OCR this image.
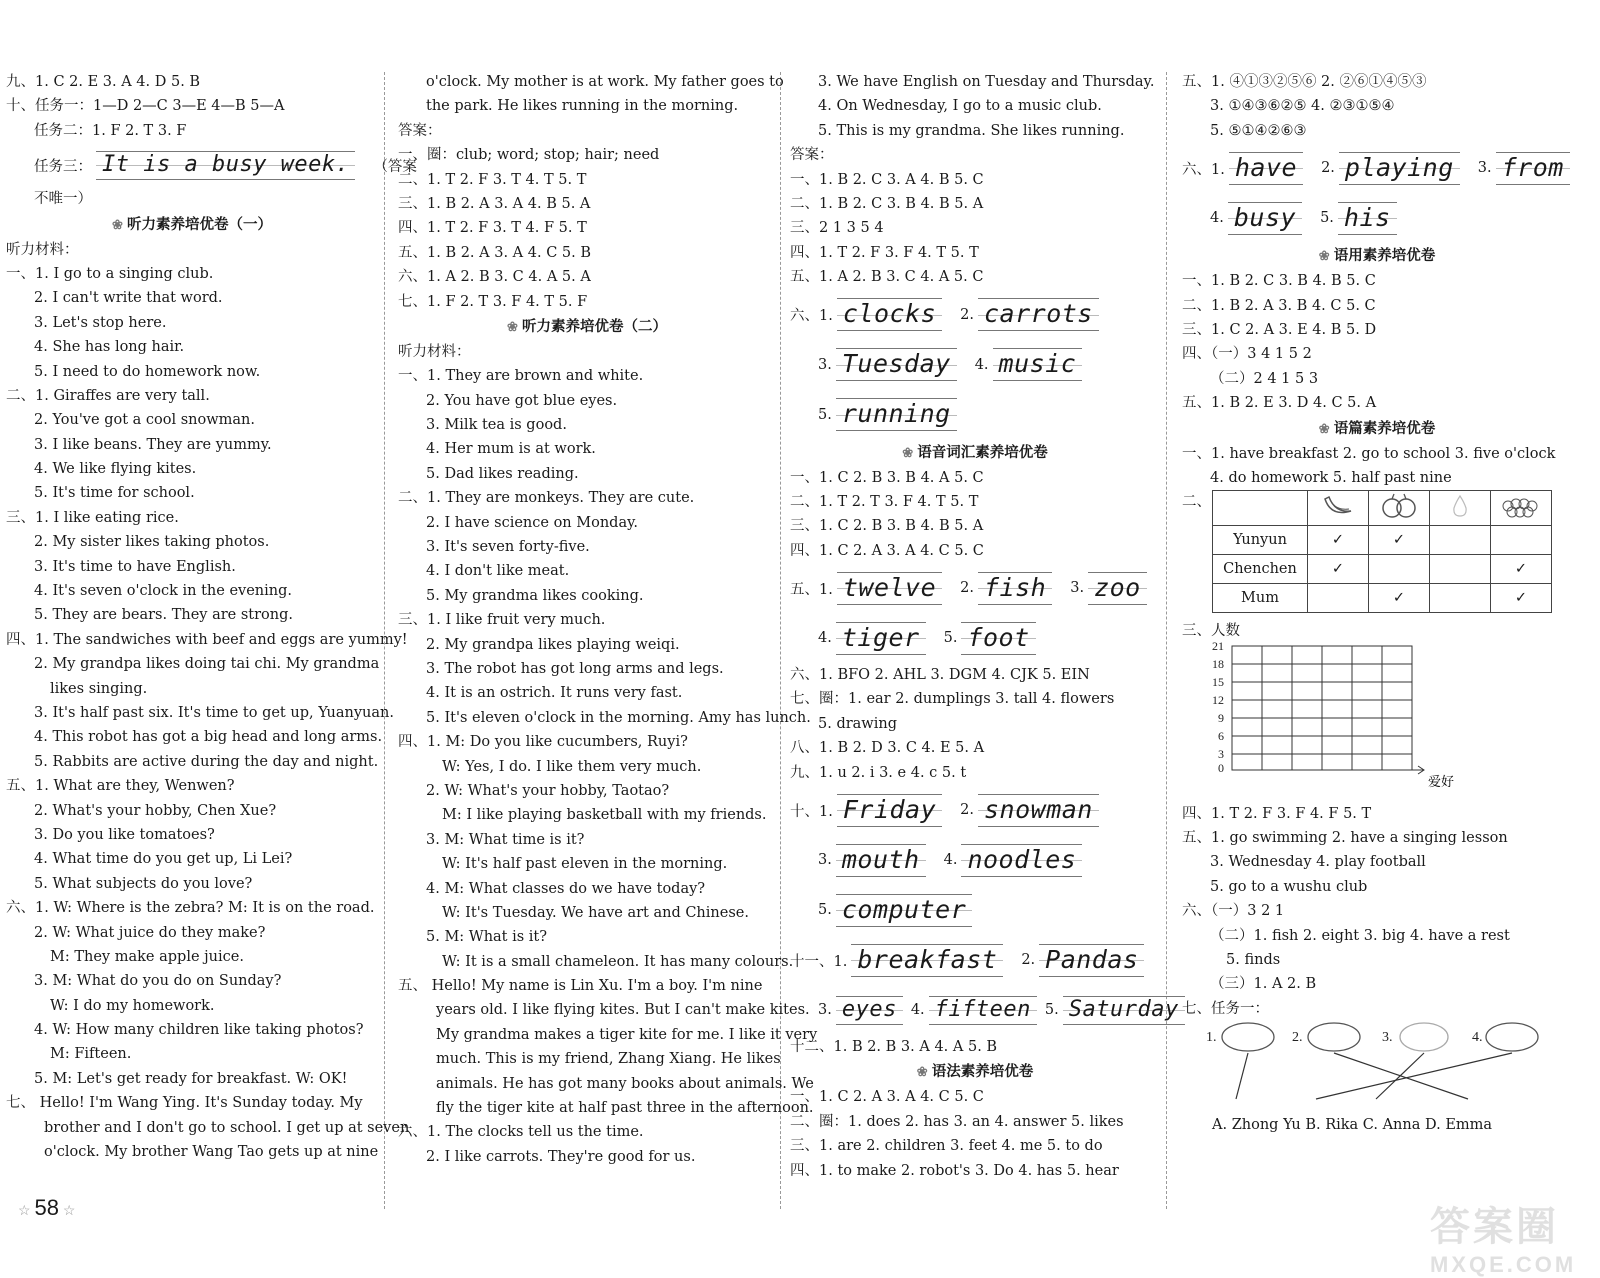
九、1. C 2. E 3. A 4. D 5. B
十、任务一：1—D 2—C 3—E 4—B 5—A
任务二：1. F 2. T 3. F
任务三： It is a busy week.	（答案
不唯一）
❀ 听力素养培优卷（一）
听力材料：
一、1. I go to a singing club.
2. I can't write that word.
3. Let's stop here.
4. She has long hair.
5. I need to do homework now.
二、1. Giraffes are very tall.
2. You've got a cool snowman.
3. I like beans. They are yummy.
4. We like flying kites.
5. It's time for school.
三、1. I like eating rice.
2. My sister likes taking photos.
3. It's time to have English.
4. It's seven o'clock in the evening.
5. They are bears. They are strong.
四、1. The sandwiches with beef and eggs are yummy!
2. My grandpa likes doing tai chi. My grandma
likes singing.
3. It's half past six. It's time to get up, Yuanyuan.
4. This robot has got a big head and long arms.
5. Rabbits are active during the day and night.
五、1. What are they, Wenwen?
2. What's your hobby, Chen Xue?
3. Do you like tomatoes?
4. What time do you get up, Li Lei?
5. What subjects do you love?
六、1. W: Where is the zebra? M: It is on the road.
2. W: What juice do they make?
M: They make apple juice.
3. M: What do you do on Sunday?
W: I do my homework.
4. W: How many children like taking photos?
M: Fifteen.
5. M: Let's get ready for breakfast. W: OK!
七、 Hello! I'm Wang Ying. It's Sunday today. My
brother and I don't go to school. I get up at seven
o'clock. My brother Wang Tao gets up at nine
o'clock. My mother is at work. My father goes to
the park. He likes running in the morning.
答案：
一、圈：club; word; stop; hair; need
二、1. T 2. F 3. T 4. T 5. T
三、1. B 2. A 3. A 4. B 5. A
四、1. T 2. F 3. T 4. F 5. T
五、1. B 2. A 3. A 4. C 5. B
六、1. A 2. B 3. C 4. A 5. A
七、1. F 2. T 3. F 4. T 5. F
❀ 听力素养培优卷（二）
听力材料：
一、1. They are brown and white.
2. You have got blue eyes.
3. Milk tea is good.
4. Her mum is at work.
5. Dad likes reading.
二、1. They are monkeys. They are cute.
2. I have science on Monday.
3. It's seven forty-five.
4. I don't like meat.
5. My grandma likes cooking.
三、1. I like fruit very much.
2. My grandpa likes playing weiqi.
3. The robot has got long arms and legs.
4. It is an ostrich. It runs very fast.
5. It's eleven o'clock in the morning. Amy has lunch.
四、1. M: Do you like cucumbers, Ruyi?
W: Yes, I do. I like them very much.
2. W: What's your hobby, Taotao?
M: I like playing basketball with my friends.
3. M: What time is it?
W: It's half past eleven in the morning.
4. M: What classes do we have today?
W: It's Tuesday. We have art and Chinese.
5. M: What is it?
W: It is a small chameleon. It has many colours.
五、 Hello! My name is Lin Xu. I'm a boy. I'm nine
years old. I like flying kites. But I can't make kites.
My grandma makes a tiger kite for me. I like it very
much. This is my friend, Zhang Xiang. He likes
animals. He has got many books about animals. We
fly the tiger kite at half past three in the afternoon.
六、1. The clocks tell us the time.
2. I like carrots. They're good for us.
3. We have English on Tuesday and Thursday.
4. On Wednesday, I go to a music club.
5. This is my grandma. She likes running.
答案：
一、1. B 2. C 3. A 4. B 5. C
二、1. B 2. C 3. B 4. B 5. A
三、2 1 3 5 4
四、1. T 2. F 3. F 4. T 5. T
五、1. A 2. B 3. C 4. A 5. C
六、1. clocks	2. carrots
3. Tuesday	4. music
5. running
❀ 语音词汇素养培优卷
一、1. C 2. B 3. B 4. A 5. C
二、1. T 2. T 3. F 4. T 5. T
三、1. C 2. B 3. B 4. B 5. A
四、1. C 2. A 3. A 4. C 5. C
五、1. twelve	2. fish	3. zoo
4. tiger	5. foot
六、1. BFO 2. AHL 3. DGM 4. CJK 5. EIN
七、圈：1. ear 2. dumplings 3. tall 4. flowers
5. drawing
八、1. B 2. D 3. C 4. E 5. A
九、1. u 2. i 3. e 4. c 5. t
十、1. Friday	2. snowman
3. mouth	4. noodles
5. computer
十一、1. breakfast	2. Pandas
3. eyes 4. fifteen 5. Saturday
十二、1. B 2. B 3. A 4. A 5. B
❀ 语法素养培优卷
一、1. C 2. A 3. A 4. C 5. C
二、圈：1. does 2. has 3. an 4. answer 5. likes
三、1. are 2. children 3. feet 4. me 5. to do
四、1. to make 2. robot's 3. Do 4. has 5. hear
五、1. ④①③②⑤⑥ 2. ②⑥①④⑤③
3. ①④③⑥②⑤ 4. ②③①⑤④
5. ⑤①④②⑥③
六、1. have	2. playing	3. from
4. busy	5. his
❀ 语用素养培优卷
一、1. B 2. C 3. B 4. B 5. C
二、1. B 2. A 3. B 4. C 5. C
三、1. C 2. A 3. E 4. B 5. D
四、（一）3 4 1 5 2
（二）2 4 1 5 3
五、1. B 2. E 3. D 4. C 5. A
❀ 语篇素养培优卷
一、1. have breakfast 2. go to school 3. five o'clock
4. do homework 5. half past nine
二、

Yunyun	✓	✓		
Chenchen	✓			✓
Mum		✓		✓
三、人数
21
18
15
12
9
6
3
0
爱好
四、1. T 2. F 3. F 4. F 5. T
五、1. go swimming 2. have a singing lesson
3. Wednesday 4. play football
5. go to a wushu club
六、（一）3 2 1
（二）1. fish 2. eight 3. big 4. have a rest
5. finds
（三）1. A 2. B
七、任务一：
1.	2.	3.	4.
A. Zhong Yu B. Rika C. Anna D. Emma
☆ 58 ☆	答案圈
MXQE.COM
